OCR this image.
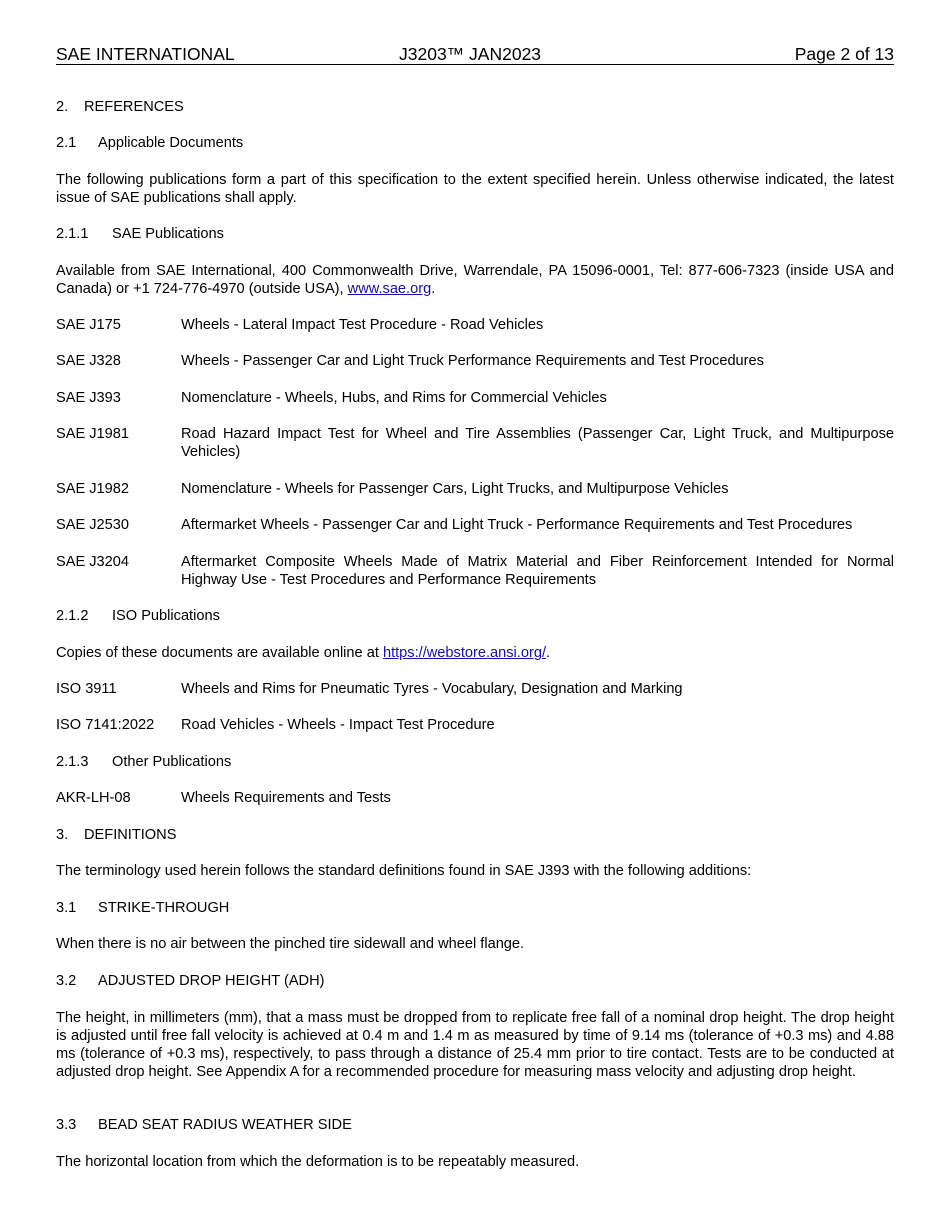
SAE INTERNATIONAL	J3203™ JAN2023	Page 2 of 13
2. REFERENCES
2.1 Applicable Documents
The following publications form a part of this specification to the extent specified herein. Unless otherwise indicated, the latest issue of SAE publications shall apply.
2.1.1 SAE Publications
Available from SAE International, 400 Commonwealth Drive, Warrendale, PA 15096-0001, Tel: 877-606-7323 (inside USA and Canada) or +1 724-776-4970 (outside USA), www.sae.org.
SAE J175	Wheels - Lateral Impact Test Procedure - Road Vehicles
SAE J328	Wheels - Passenger Car and Light Truck Performance Requirements and Test Procedures
SAE J393	Nomenclature - Wheels, Hubs, and Rims for Commercial Vehicles
SAE J1981	Road Hazard Impact Test for Wheel and Tire Assemblies (Passenger Car, Light Truck, and Multipurpose Vehicles)
SAE J1982	Nomenclature - Wheels for Passenger Cars, Light Trucks, and Multipurpose Vehicles
SAE J2530	Aftermarket Wheels - Passenger Car and Light Truck - Performance Requirements and Test Procedures
SAE J3204	Aftermarket Composite Wheels Made of Matrix Material and Fiber Reinforcement Intended for Normal Highway Use - Test Procedures and Performance Requirements
2.1.2 ISO Publications
Copies of these documents are available online at https://webstore.ansi.org/.
ISO 3911	Wheels and Rims for Pneumatic Tyres - Vocabulary, Designation and Marking
ISO 7141:2022 Road Vehicles - Wheels - Impact Test Procedure
2.1.3 Other Publications
AKR-LH-08	Wheels Requirements and Tests
3. DEFINITIONS
The terminology used herein follows the standard definitions found in SAE J393 with the following additions:
3.1 STRIKE-THROUGH
When there is no air between the pinched tire sidewall and wheel flange.
3.2 ADJUSTED DROP HEIGHT (ADH)
The height, in millimeters (mm), that a mass must be dropped from to replicate free fall of a nominal drop height. The drop height is adjusted until free fall velocity is achieved at 0.4 m and 1.4 m as measured by time of 9.14 ms (tolerance of +0.3 ms) and 4.88 ms (tolerance of +0.3 ms), respectively, to pass through a distance of 25.4 mm prior to tire contact. Tests are to be conducted at adjusted drop height. See Appendix A for a recommended procedure for measuring mass velocity and adjusting drop height.
3.3 BEAD SEAT RADIUS WEATHER SIDE
The horizontal location from which the deformation is to be repeatably measured.
